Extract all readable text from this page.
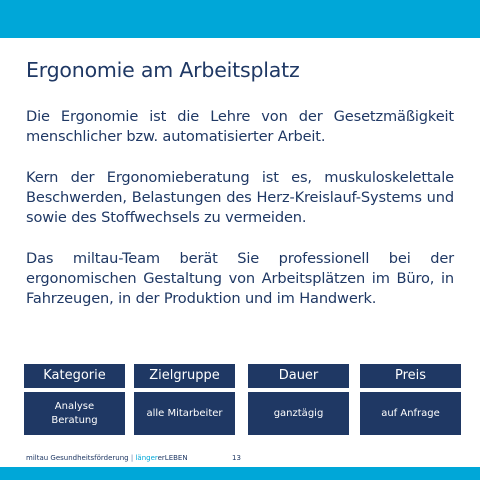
Ergonomie am Arbeitsplatz

Die Ergonomie ist die Lehre von der Gesetzmäßigkeit menschlicher bzw. automatisierter Arbeit.

Kern der Ergonomieberatung ist es, muskuloskelettale Beschwerden, Belastungen des Herz-Kreislauf-Systems und sowie des Stoffwechsels zu vermeiden.

Das miltau-Team berät Sie professionell bei der ergonomischen Gestaltung von Arbeitsplätzen im Büro, in Fahrzeugen, in der Produktion und im Handwerk.

Kategorie
Analyse
Beratung
Zielgruppe
alle Mitarbeiter
Dauer
ganztägig
Preis
auf Anfrage
miltau Gesundheitsförderung | längererLEBEN	13
